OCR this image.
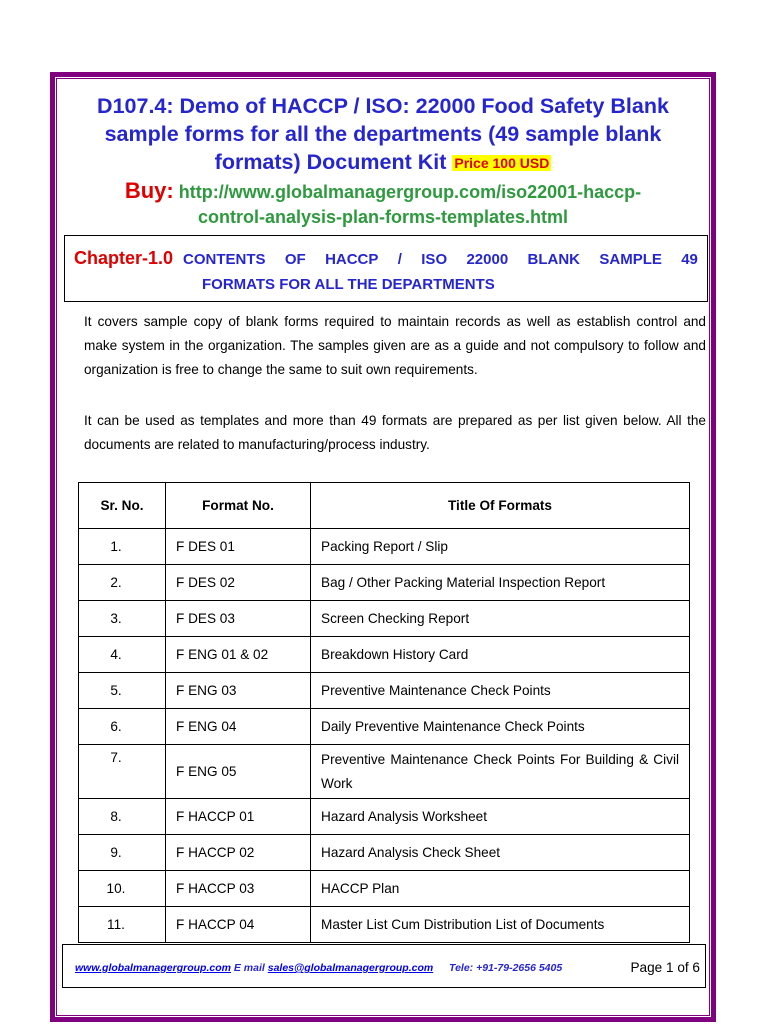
D107.4: Demo of HACCP / ISO: 22000 Food Safety Blank
sample forms for all the departments (49 sample blank
formats) Document Kit Price 100 USD
Buy: http://www.globalmanagergroup.com/iso22001-haccp-
control-analysis-plan-forms-templates.html
Chapter-1.0 CONTENTS OF HACCP / ISO 22000 BLANK SAMPLE 49
FORMATS FOR ALL THE DEPARTMENTS
It covers sample copy of blank forms required to maintain records as well as establish control and make system in the organization. The samples given are as a guide and not compulsory to follow and organization is free to change the same to suit own requirements.
It can be used as templates and more than 49 formats are prepared as per list given below. All the documents are related to manufacturing/process industry.
Sr. No.	Format No.	Title Of Formats
1.	F DES 01	Packing Report / Slip
2.	F DES 02	Bag / Other Packing Material Inspection Report
3.	F DES 03	Screen Checking Report
4.	F ENG 01 & 02	Breakdown History Card
5.	F ENG 03	Preventive Maintenance Check Points
6.	F ENG 04	Daily Preventive Maintenance Check Points
7.	F ENG 05	Preventive Maintenance Check Points For Building & Civil Work
8.	F HACCP 01	Hazard Analysis Worksheet
9.	F HACCP 02	Hazard Analysis Check Sheet
10.	F HACCP 03	HACCP Plan
11.	F HACCP 04	Master List Cum Distribution List of Documents
www.globalmanagergroup.com E mail sales@globalmanagergroup.com Tele: +91-79-2656 5405	Page 1 of 6
